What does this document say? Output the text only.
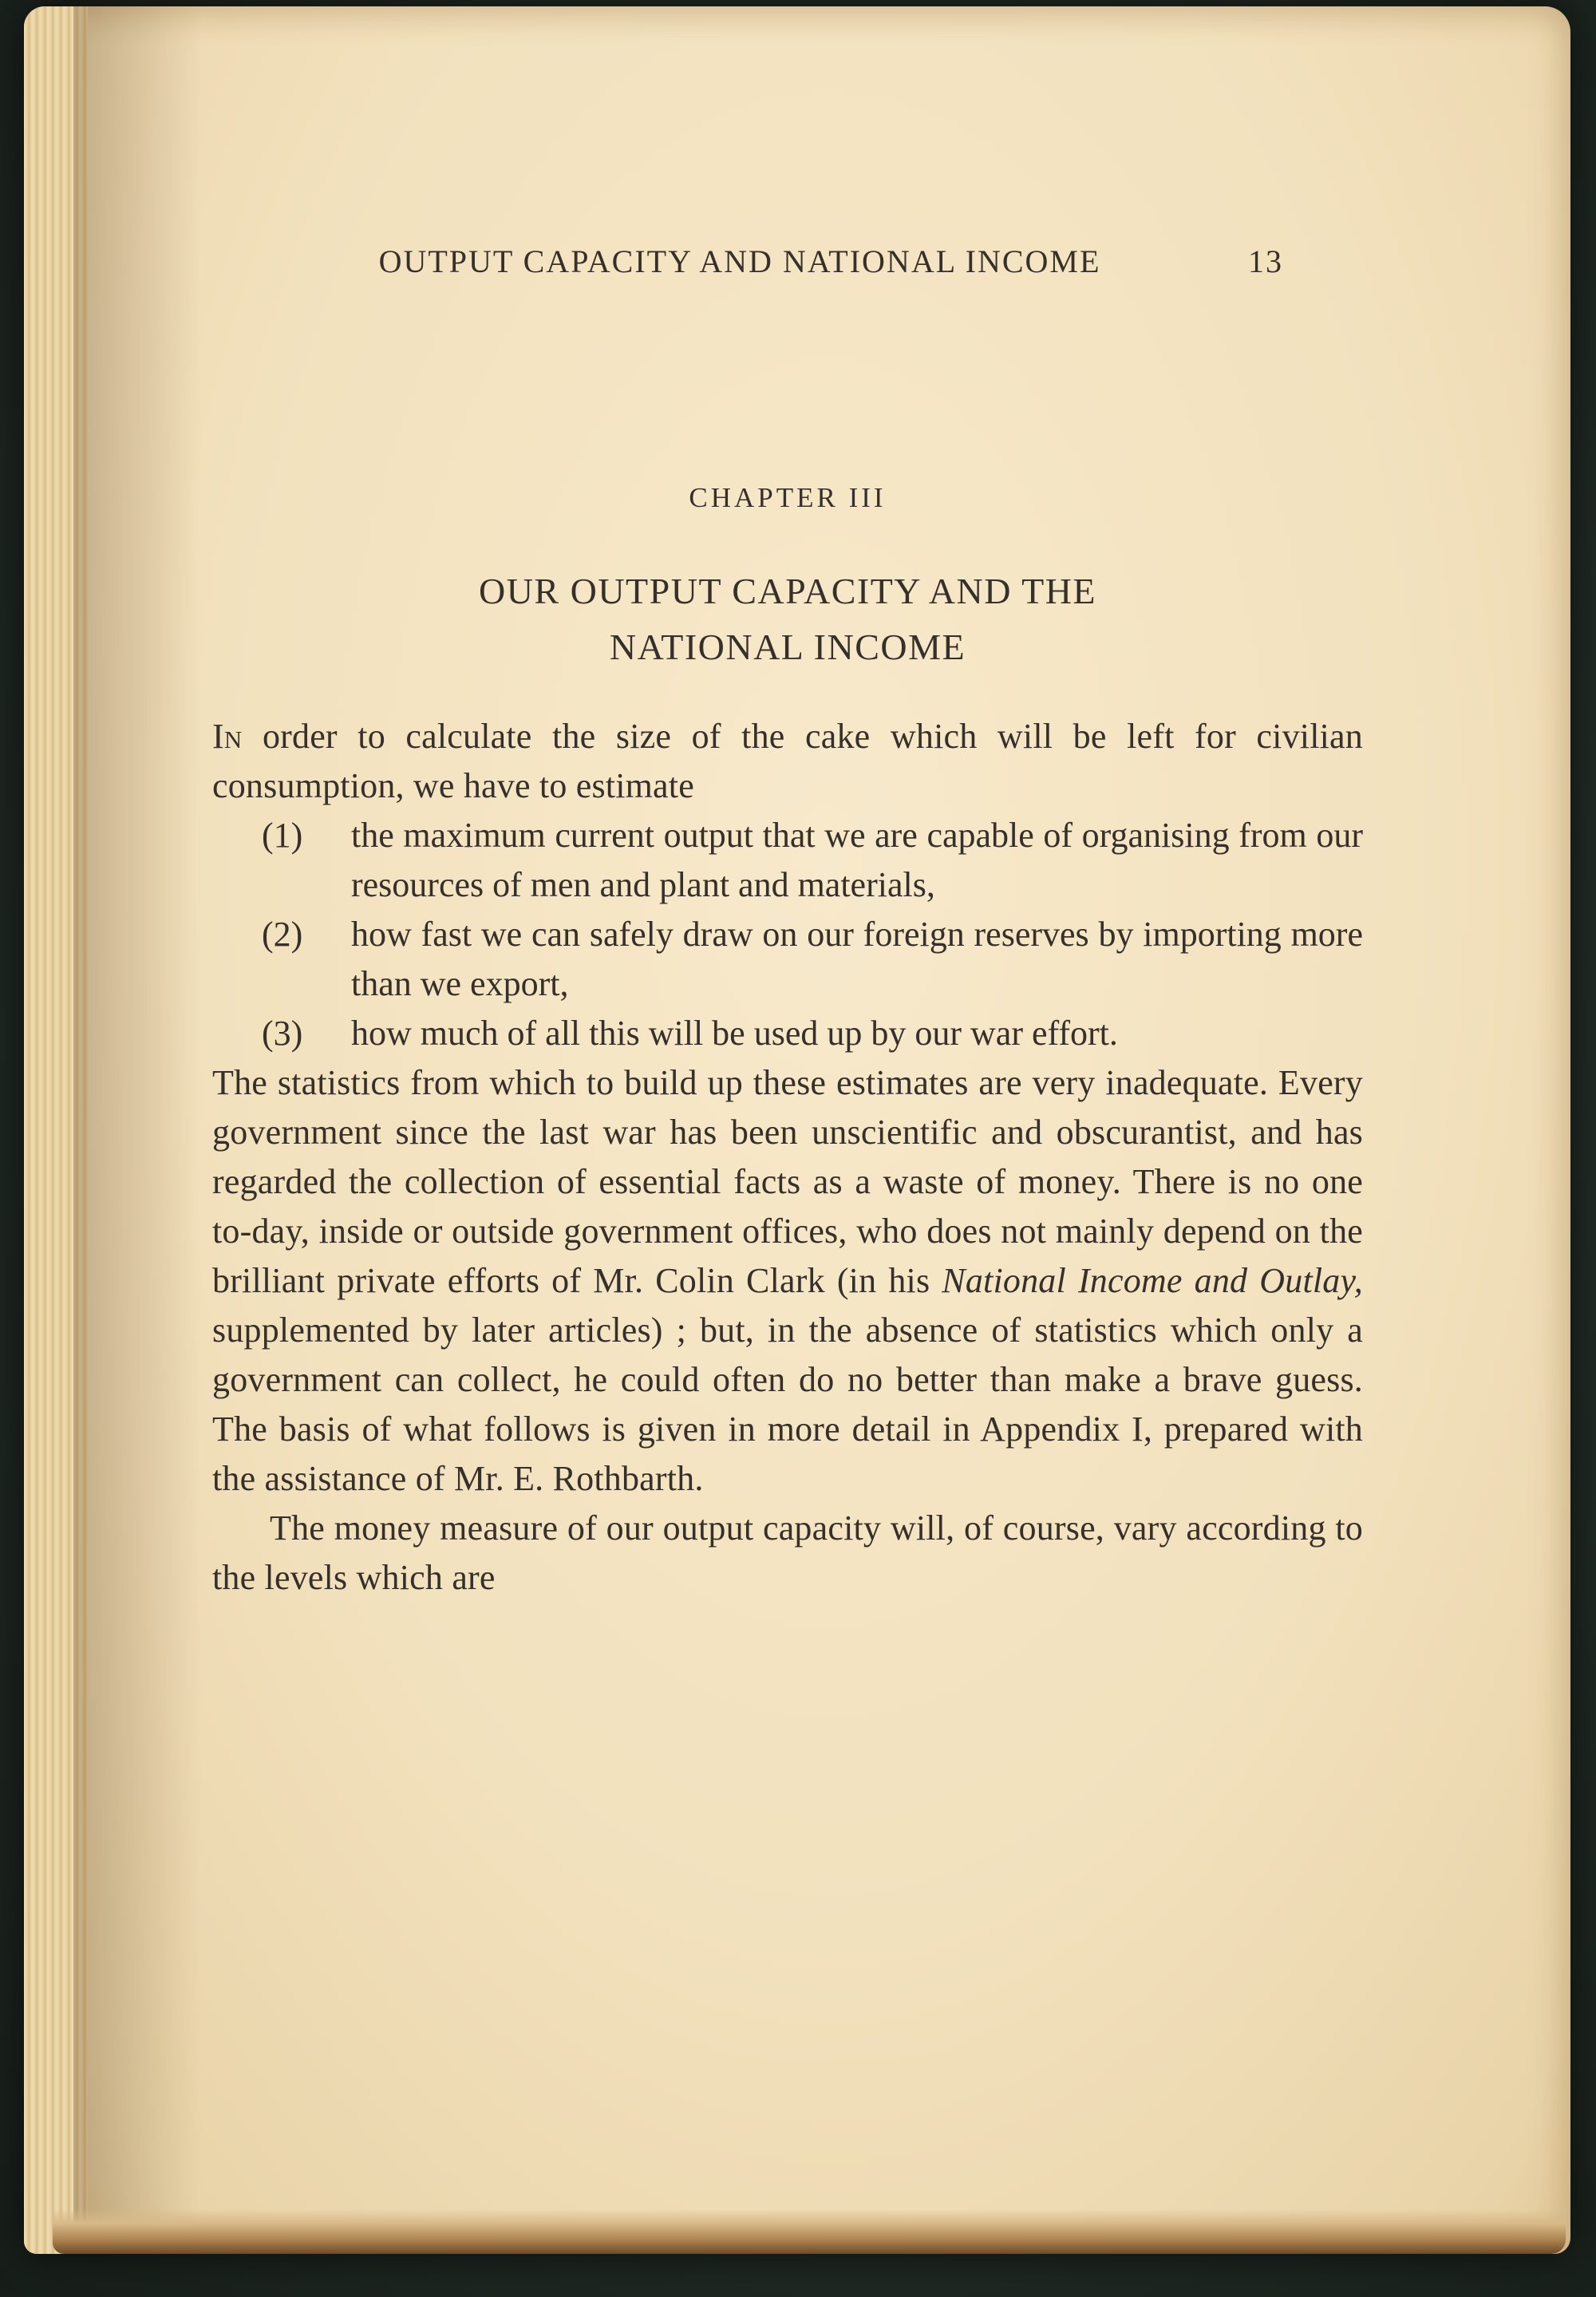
OUTPUT CAPACITY AND NATIONAL INCOME	13
CHAPTER III
OUR OUTPUT CAPACITY AND THE
NATIONAL INCOME

In order to calculate the size of the cake which will be left for civilian consumption, we have to estimate

(1)	the maximum current output that we are capable of organising from our resources of men and plant and materials,
(2)	how fast we can safely draw on our foreign reserves by importing more than we export,
(3)	how much of all this will be used up by our war effort.

The statistics from which to build up these estimates are very inadequate. Every government since the last war has been unscientific and obscurantist, and has regarded the collection of essential facts as a waste of money. There is no one to-day, inside or outside government offices, who does not mainly depend on the brilliant private efforts of Mr. Colin Clark (in his National Income and Outlay, supplemented by later articles) ; but, in the absence of statistics which only a government can collect, he could often do no better than make a brave guess. The basis of what follows is given in more detail in Appendix I, prepared with the assistance of Mr. E. Rothbarth.

The money measure of our output capacity will, of course, vary according to the levels which are
